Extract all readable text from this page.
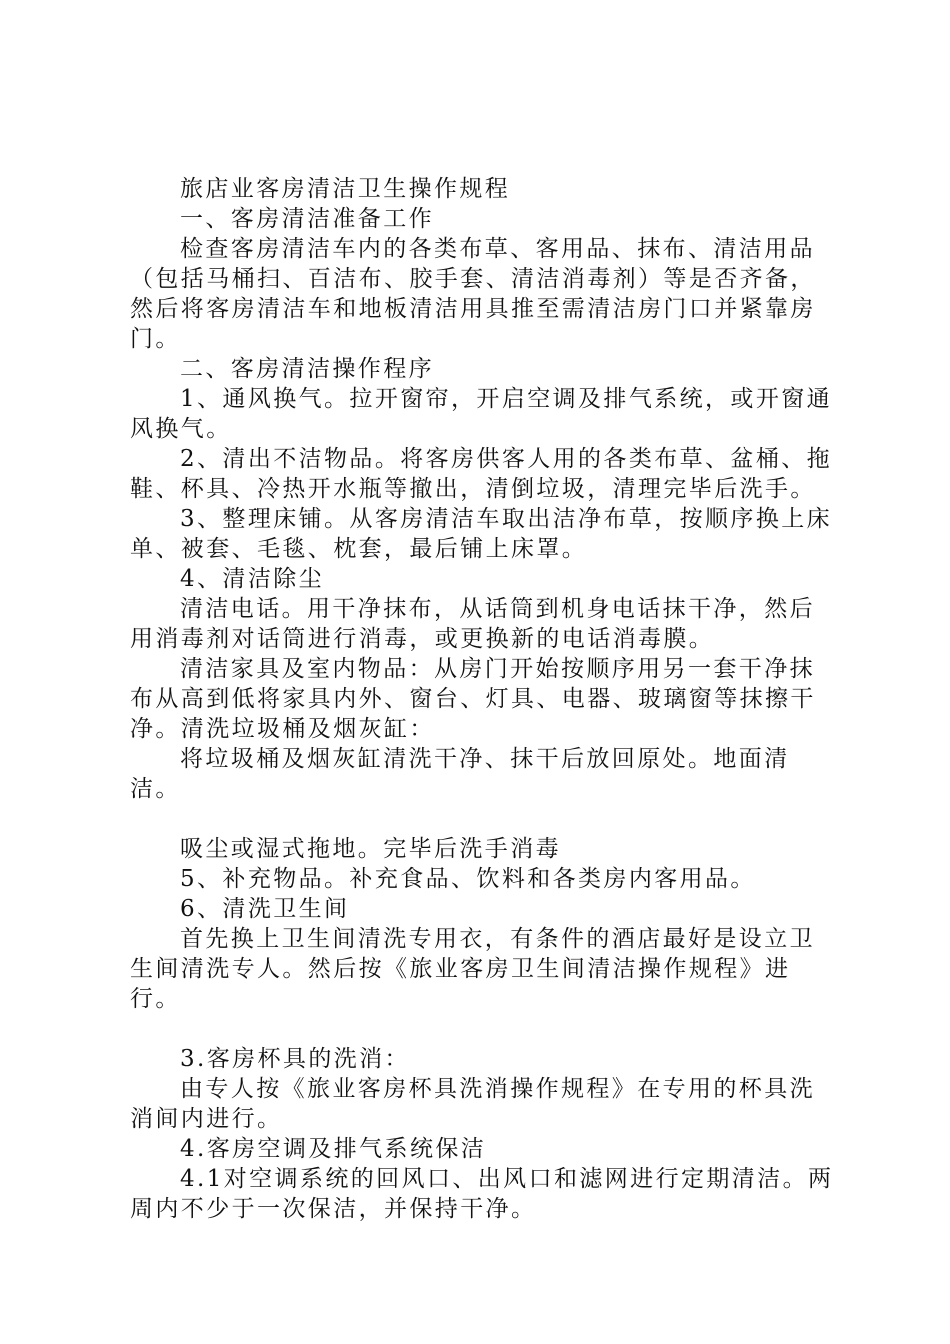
旅店业客房清洁卫生操作规程

一、客房清洁准备工作

检查客房清洁车内的各类布草、客用品、抹布、清洁用品（包括马桶扫、百洁布、胶手套、清洁消毒剂）等是否齐备，然后将客房清洁车和地板清洁用具推至需清洁房门口并紧靠房门。

二、客房清洁操作程序

1、通风换气。拉开窗帘，开启空调及排气系统，或开窗通风换气。

2、清出不洁物品。将客房供客人用的各类布草、盆桶、拖鞋、杯具、冷热开水瓶等撤出，清倒垃圾，清理完毕后洗手。

3、整理床铺。从客房清洁车取出洁净布草，按顺序换上床单、被套、毛毯、枕套，最后铺上床罩。

4、清洁除尘

清洁电话。用干净抹布，从话筒到机身电话抹干净，然后用消毒剂对话筒进行消毒，或更换新的电话消毒膜。

清洁家具及室内物品：从房门开始按顺序用另一套干净抹布从高到低将家具内外、窗台、灯具、电器、玻璃窗等抹擦干净。清洗垃圾桶及烟灰缸：

将垃圾桶及烟灰缸清洗干净、抹干后放回原处。地面清洁。

吸尘或湿式拖地。完毕后洗手消毒

5、补充物品。补充食品、饮料和各类房内客用品。

6、清洗卫生间

首先换上卫生间清洗专用衣，有条件的酒店最好是设立卫生间清洗专人。然后按《旅业客房卫生间清洁操作规程》进行。

3.客房杯具的洗消：

由专人按《旅业客房杯具洗消操作规程》在专用的杯具洗消间内进行。

4.客房空调及排气系统保洁

4.1对空调系统的回风口、出风口和滤网进行定期清洁。两周内不少于一次保洁，并保持干净。
